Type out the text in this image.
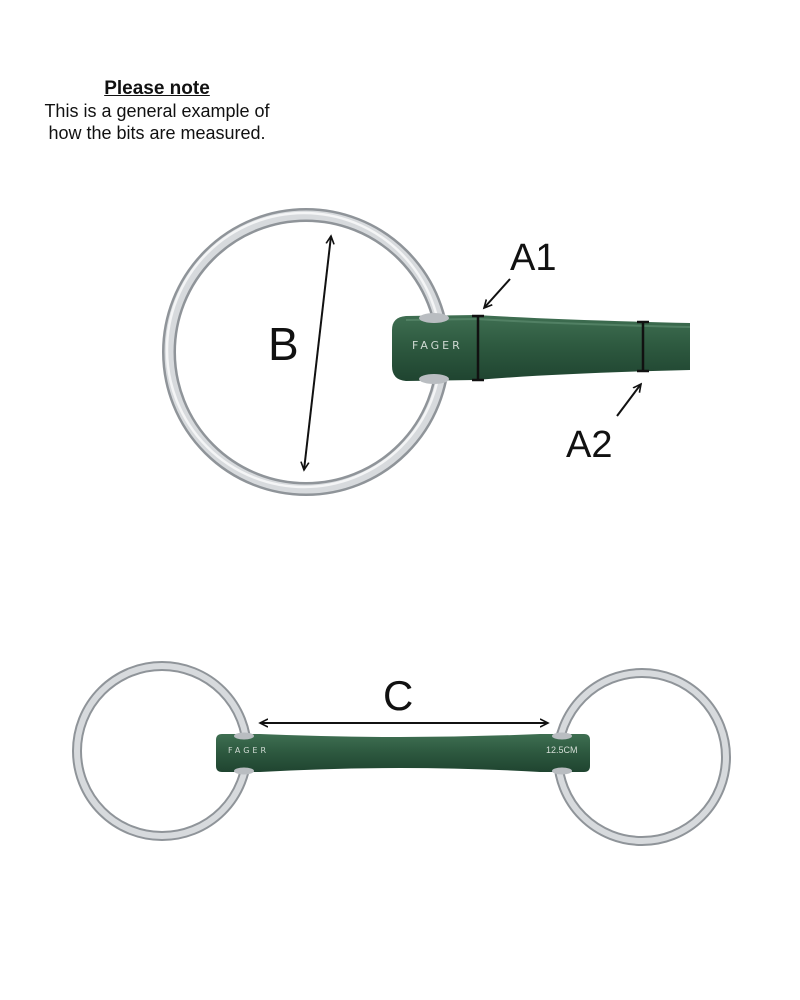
Please note
This is a general example of
how the bits are measured.
FAGER
B
A1
A2
FAGER	12.5CM
C
